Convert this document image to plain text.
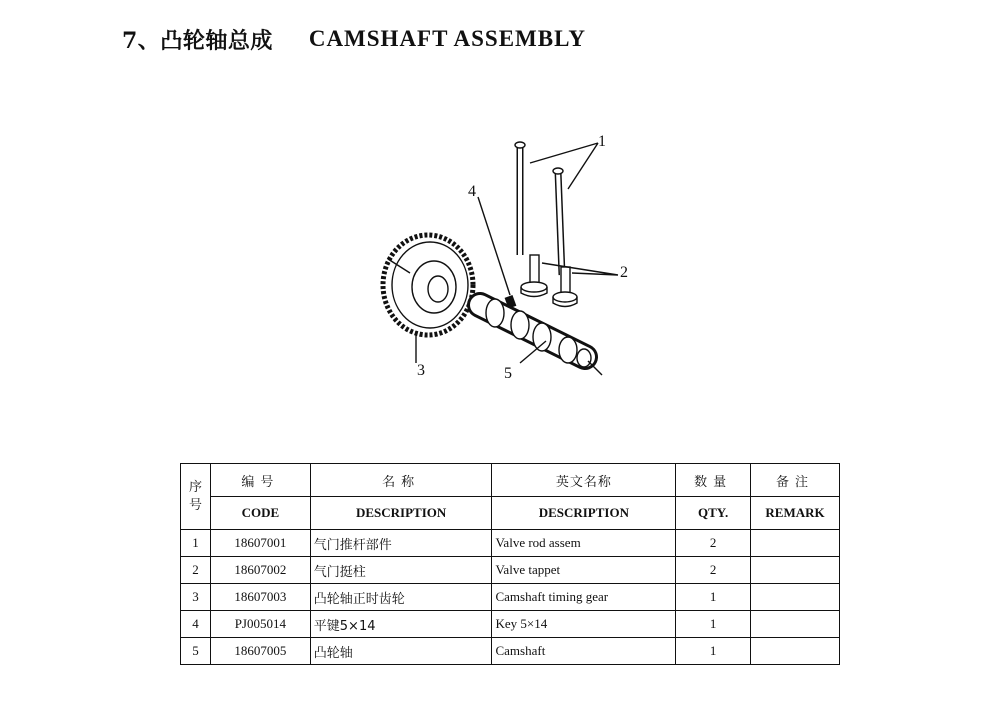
7、 凸轮轴总成 CAMSHAFT ASSEMBLY
1
2
3
4
5
序
号	编号	名称	英文名称	数量	备注
	CODE	DESCRIPTION	DESCRIPTION	QTY.	REMARK
1	18607001	气门推杆部件	Valve rod assem	2	
2	18607002	气门挺柱	Valve tappet	2	
3	18607003	凸轮轴正时齿轮	Camshaft timing gear	1	
4	PJ005014	平键5×14	Key 5×14	1	
5	18607005	凸轮轴	Camshaft	1	
